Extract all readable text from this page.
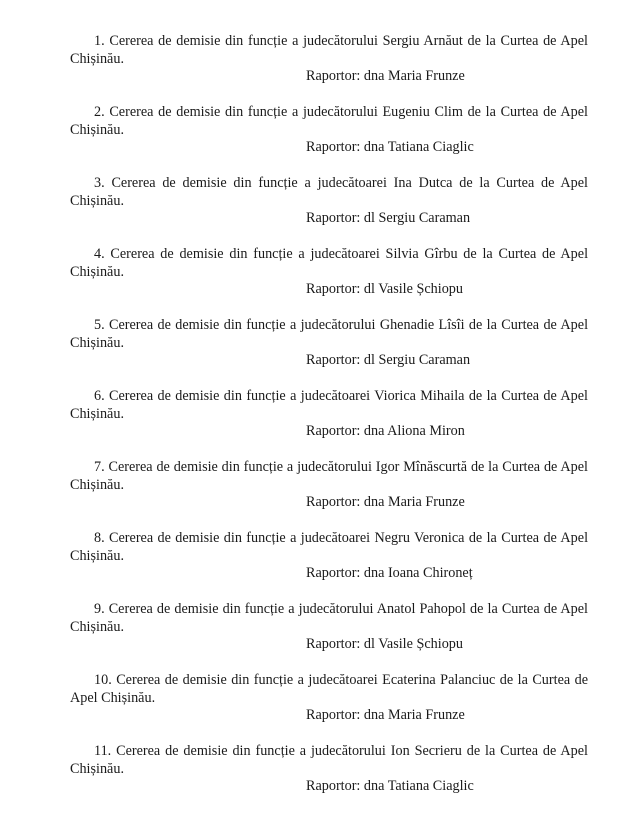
1. Cererea de demisie din funcție a judecătorului Sergiu Arnăut de la Curtea de Apel Chișinău.

Raportor: dna Maria Frunze

2. Cererea de demisie din funcție a judecătorului Eugeniu Clim de la Curtea de Apel Chișinău.

Raportor: dna Tatiana Ciaglic

3. Cererea de demisie din funcție a judecătoarei Ina Dutca de la Curtea de Apel Chișinău.

Raportor: dl Sergiu Caraman

4. Cererea de demisie din funcție a judecătoarei Silvia Gîrbu de la Curtea de Apel Chișinău.

Raportor: dl Vasile Șchiopu

5. Cererea de demisie din funcție a judecătorului Ghenadie Lîsîi de la Curtea de Apel Chișinău.

Raportor: dl Sergiu Caraman

6. Cererea de demisie din funcție a judecătoarei Viorica Mihaila de la Curtea de Apel Chișinău.

Raportor: dna Aliona Miron

7. Cererea de demisie din funcție a judecătorului Igor Mînăscurtă de la Curtea de Apel Chișinău.

Raportor: dna Maria Frunze

8. Cererea de demisie din funcție a judecătoarei Negru Veronica de la Curtea de Apel Chișinău.

Raportor: dna Ioana Chironeț

9. Cererea de demisie din funcție a judecătorului Anatol Pahopol de la Curtea de Apel Chișinău.

Raportor: dl Vasile Șchiopu

10. Cererea de demisie din funcție a judecătoarei Ecaterina Palanciuc de la Curtea de Apel Chișinău.

Raportor: dna Maria Frunze

11. Cererea de demisie din funcție a judecătorului Ion Secrieru de la Curtea de Apel Chișinău.

Raportor: dna Tatiana Ciaglic
